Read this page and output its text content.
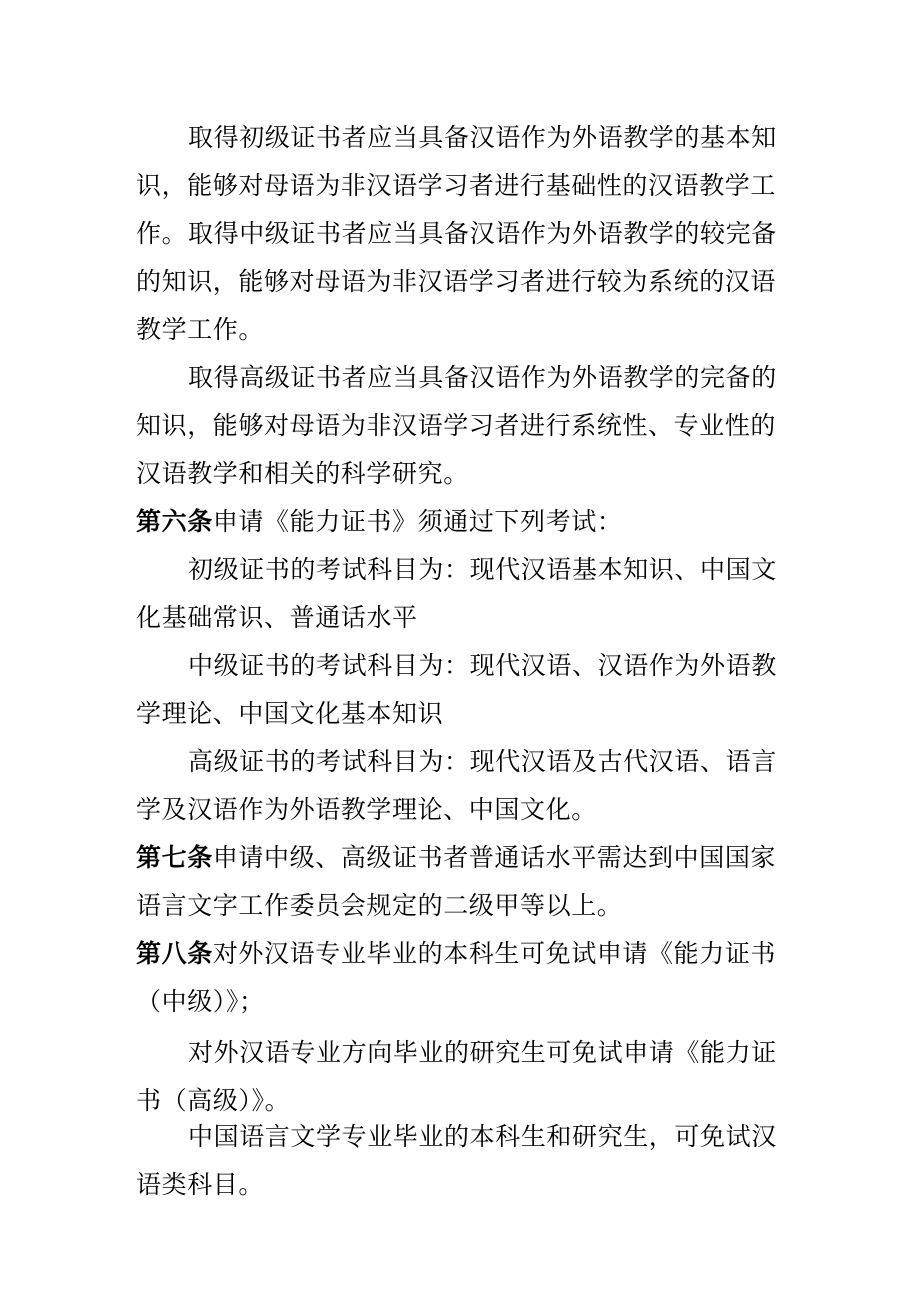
取得初级证书者应当具备汉语作为外语教学的基本知识，能够对母语为非汉语学习者进行基础性的汉语教学工作。 取得中级证书者应当具备汉语作为外语教学的较完备的知识，能够对母语为非汉语学习者进行较为系统的汉语教学工作。

取得高级证书者应当具备汉语作为外语教学的完备的知识，能够对母语为非汉语学习者进行系统性、专业性的汉语教学和相关的科学研究。

第六条申请《能力证书》须通过下列考试：

初级证书的考试科目为：现代汉语基本知识、中国文化基础常识、普通话水平

中级证书的考试科目为：现代汉语、汉语作为外语教学理论、中国文化基本知识

高级证书的考试科目为：现代汉语及古代汉语、语言学及汉语作为外语教学理论、中国文化。

第七条申请中级、高级证书者普通话水平需达到中国国家语言文字工作委员会规定的二级甲等以上。

第八条对外汉语专业毕业的本科生可免试申请《能力证书（中级）》；

对外汉语专业方向毕业的研究生可免试申请《能力证书（高级）》。

中国语言文学专业毕业的本科生和研究生，可免试汉语类科目。
